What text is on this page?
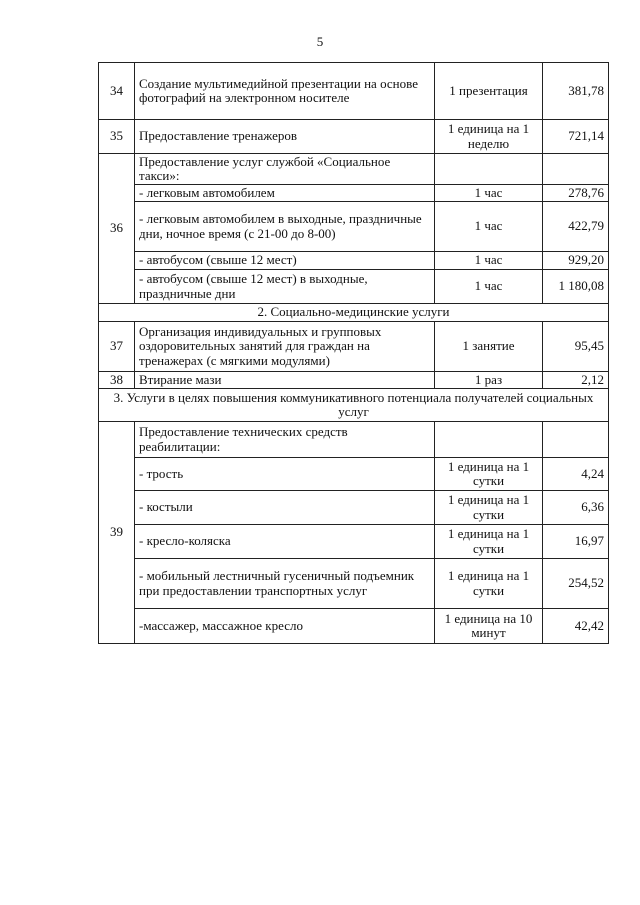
5
34	Создание мультимедийной презентации на основе фотографий на электронном носителе	1 презентация	381,78
35	Предоставление тренажеров	1 единица на 1 неделю	721,14
36	Предоставление услуг службой «Социальное такси»:		
	- легковым автомобилем	1 час	278,76
	- легковым автомобилем в выходные, праздничные дни, ночное время (с 21-00 до 8-00)	1 час	422,79
	- автобусом (свыше 12 мест)	1 час	929,20
	- автобусом (свыше 12 мест) в выходные, праздничные дни	1 час	1 180,08
2. Социально-медицинские услуги			
37	Организация индивидуальных и групповых оздоровительных занятий для граждан на тренажерах (с мягкими модулями)	1 занятие	95,45
38	Втирание мази	1 раз	2,12
3. Услуги в целях повышения коммуникативного потенциала получателей социальных услуг			
39	Предоставление технических средств реабилитации:		
	- трость	1 единица на 1 сутки	4,24
	- костыли	1 единица на 1 сутки	6,36
	- кресло-коляска	1 единица на 1 сутки	16,97
	- мобильный лестничный гусеничный подъемник при предоставлении транспортных услуг	1 единица на 1 сутки	254,52
	-массажер, массажное кресло	1 единица на 10 минут	42,42
